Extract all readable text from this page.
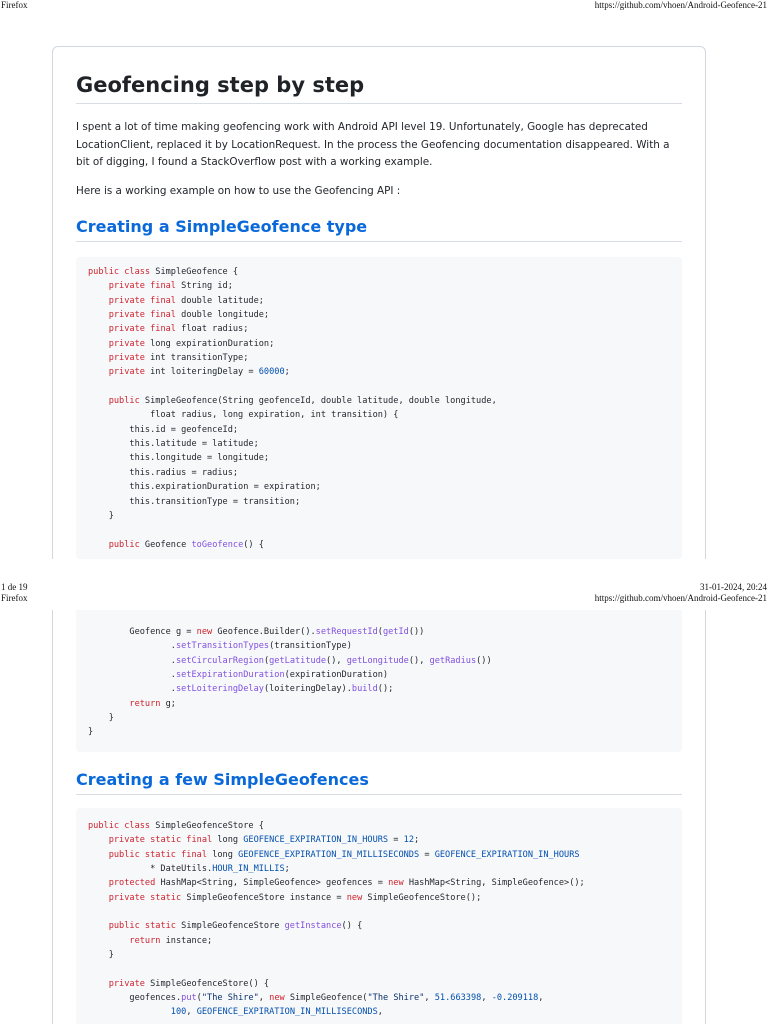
Firefox	https://github.com/vhoen/Android-Geofence-21
Geofencing step by step

I spent a lot of time making geofencing work with Android API level 19. Unfortunately, Google has deprecated LocationClient, replaced it by LocationRequest. In the process the Geofencing documentation disappeared. With a bit of digging, I found a StackOverflow post with a working example.

Here is a working example on how to use the Geofencing API :

Creating a SimpleGeofence type
public class SimpleGeofence {
private final String id;
private final double latitude;
private final double longitude;
private final float radius;
private long expirationDuration;
private int transitionType;
private int loiteringDelay = 60000;

public SimpleGeofence(String geofenceId, double latitude, double longitude,
float radius, long expiration, int transition) {
this.id = geofenceId;
this.latitude = latitude;
this.longitude = longitude;
this.radius = radius;
this.expirationDuration = expiration;
this.transitionType = transition;
}

public Geofence toGeofence() {
1 de 19	31-01-2024, 20:24
Firefox	https://github.com/vhoen/Android-Geofence-21
Geofence g = new Geofence.Builder().setRequestId(getId())
.setTransitionTypes(transitionType)
.setCircularRegion(getLatitude(), getLongitude(), getRadius())
.setExpirationDuration(expirationDuration)
.setLoiteringDelay(loiteringDelay).build();
return g;
}
}
Creating a few SimpleGeofences
public class SimpleGeofenceStore {
private static final long GEOFENCE_EXPIRATION_IN_HOURS = 12;
public static final long GEOFENCE_EXPIRATION_IN_MILLISECONDS = GEOFENCE_EXPIRATION_IN_HOURS
* DateUtils.HOUR_IN_MILLIS;
protected HashMap<String, SimpleGeofence> geofences = new HashMap<String, SimpleGeofence>();
private static SimpleGeofenceStore instance = new SimpleGeofenceStore();

public static SimpleGeofenceStore getInstance() {
return instance;
}

private SimpleGeofenceStore() {
geofences.put("The Shire", new SimpleGeofence("The Shire", 51.663398, -0.209118,
100, GEOFENCE_EXPIRATION_IN_MILLISECONDS,
